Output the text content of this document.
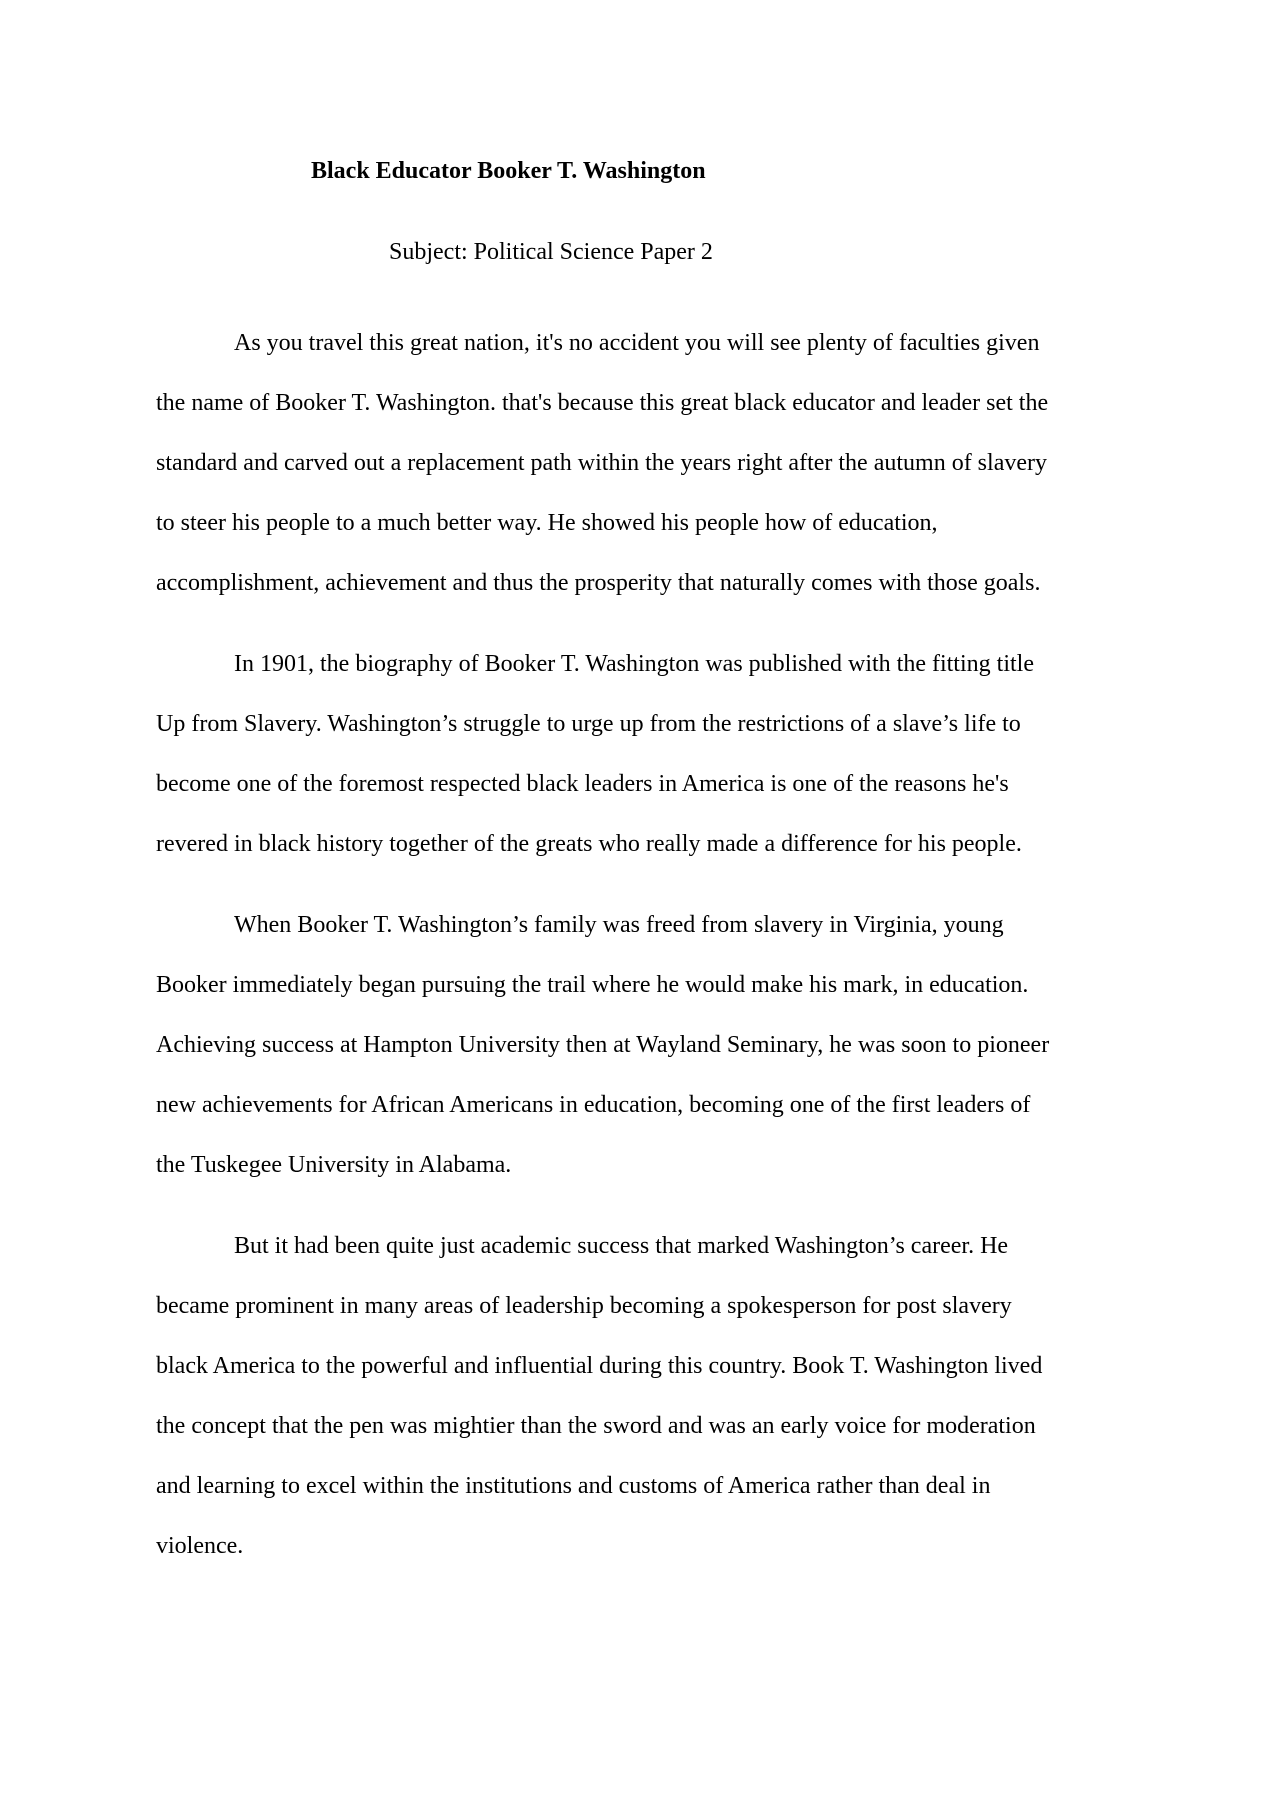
Black Educator Booker T. Washington

Subject: Political Science Paper 2

As you travel this great nation, it's no accident you will see plenty of faculties given
the name of Booker T. Washington. that's because this great black educator and leader set the
standard and carved out a replacement path within the years right after the autumn of slavery
to steer his people to a much better way. He showed his people how of education,
accomplishment, achievement and thus the prosperity that naturally comes with those goals.

In 1901, the biography of Booker T. Washington was published with the fitting title
Up from Slavery. Washington’s struggle to urge up from the restrictions of a slave’s life to
become one of the foremost respected black leaders in America is one of the reasons he's
revered in black history together of the greats who really made a difference for his people.

When Booker T. Washington’s family was freed from slavery in Virginia, young
Booker immediately began pursuing the trail where he would make his mark, in education.
Achieving success at Hampton University then at Wayland Seminary, he was soon to pioneer
new achievements for African Americans in education, becoming one of the first leaders of
the Tuskegee University in Alabama.

But it had been quite just academic success that marked Washington’s career. He
became prominent in many areas of leadership becoming a spokesperson for post slavery
black America to the powerful and influential during this country. Book T. Washington lived
the concept that the pen was mightier than the sword and was an early voice for moderation
and learning to excel within the institutions and customs of America rather than deal in
violence.
